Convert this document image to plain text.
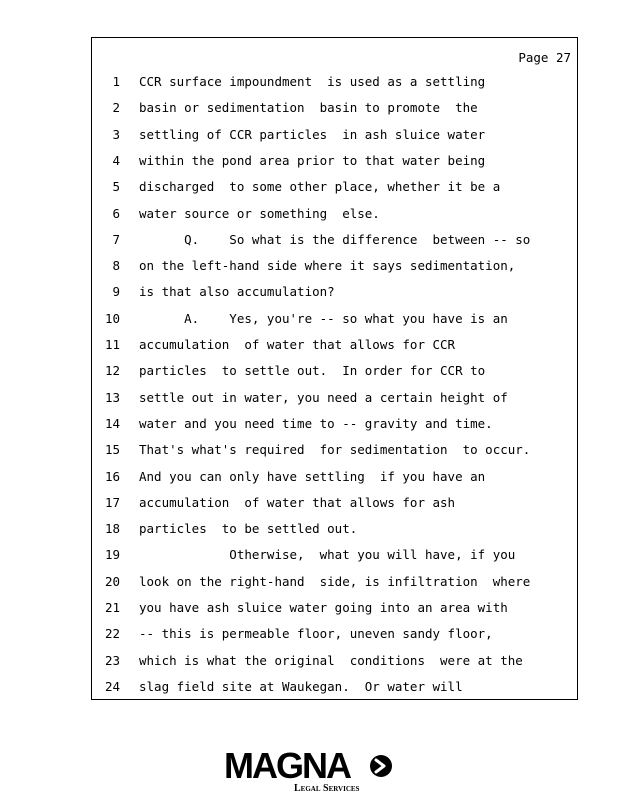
Page 27
1 CCR surface impoundment  is used as a settling
2 basin or sedimentation  basin to promote  the
3 settling of CCR particles  in ash sluice water
4 within the pond area prior to that water being
5 discharged  to some other place, whether it be a
6 water source or something  else.
7 Q.    So what is the difference  between -- so
8 on the left-hand side where it says sedimentation,
9 is that also accumulation?
10 A.    Yes, you're -- so what you have is an
11 accumulation  of water that allows for CCR
12 particles  to settle out.  In order for CCR to
13 settle out in water, you need a certain height of
14 water and you need time to -- gravity and time.
15 That's what's required  for sedimentation  to occur.
16 And you can only have settling  if you have an
17 accumulation  of water that allows for ash
18 particles  to be settled out.
19 Otherwise,  what you will have, if you
20 look on the right-hand  side, is infiltration  where
21 you have ash sluice water going into an area with
22 -- this is permeable floor, uneven sandy floor,
23 which is what the original  conditions  were at the
24 slag field site at Waukegan.  Or water will
MAGNA
Legal Services
